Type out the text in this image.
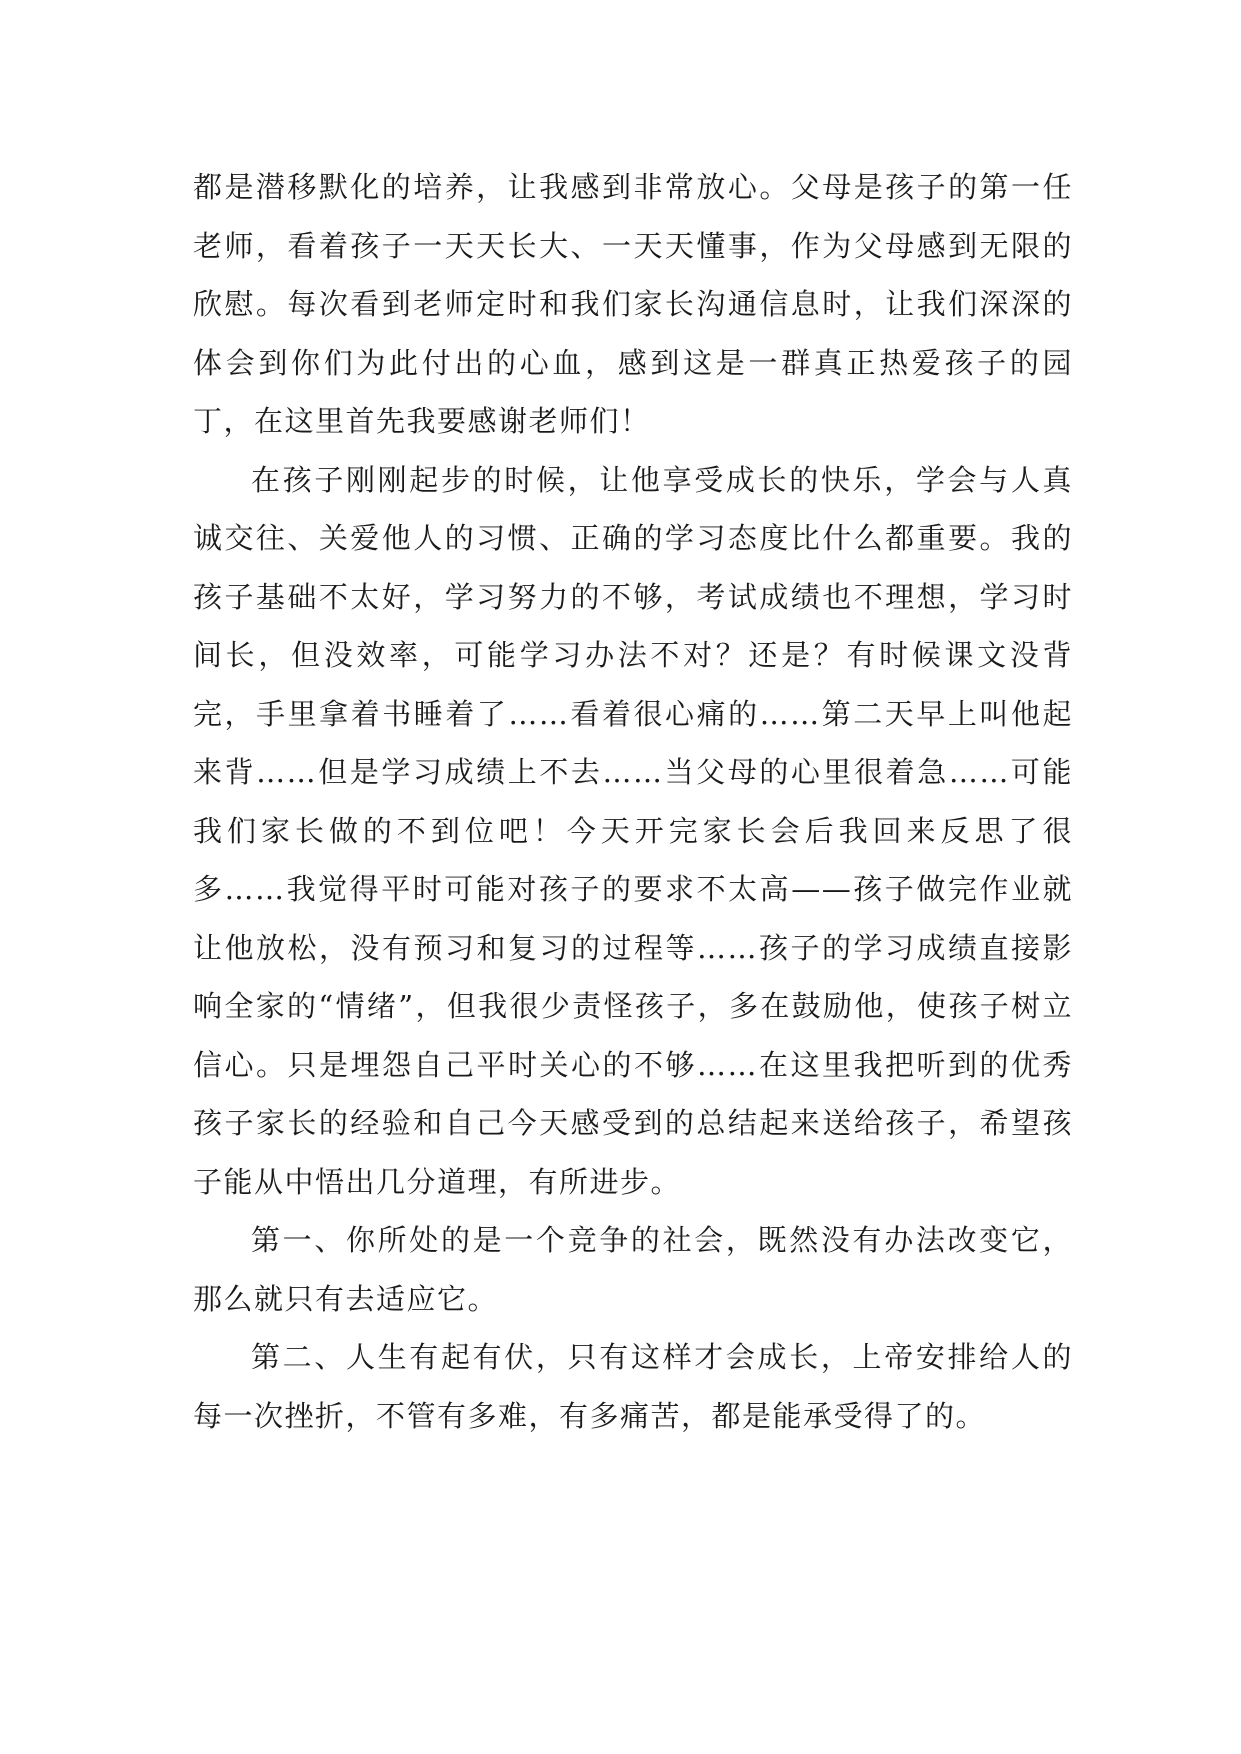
都是潜移默化的培养，让我感到非常放心。父母是孩子的第一任老师，看着孩子一天天长大、一天天懂事，作为父母感到无限的欣慰。每次看到老师定时和我们家长沟通信息时，让我们深深的体会到你们为此付出的心血，感到这是一群真正热爱孩子的园丁，在这里首先我要感谢老师们！

在孩子刚刚起步的时候，让他享受成长的快乐，学会与人真诚交往、关爱他人的习惯、正确的学习态度比什么都重要。我的孩子基础不太好，学习努力的不够，考试成绩也不理想，学习时间长，但没效率，可能学习办法不对？还是？有时候课文没背完，手里拿着书睡着了……看着很心痛的……第二天早上叫他起来背……但是学习成绩上不去……当父母的心里很着急……可能我们家长做的不到位吧！今天开完家长会后我回来反思了很多……我觉得平时可能对孩子的要求不太高——孩子做完作业就让他放松，没有预习和复习的过程等……孩子的学习成绩直接影响全家的“情绪”，但我很少责怪孩子，多在鼓励他，使孩子树立信心。只是埋怨自己平时关心的不够……在这里我把听到的优秀孩子家长的经验和自己今天感受到的总结起来送给孩子，希望孩子能从中悟出几分道理，有所进步。

第一、你所处的是一个竞争的社会，既然没有办法改变它，那么就只有去适应它。

第二、人生有起有伏，只有这样才会成长，上帝安排给人的每一次挫折，不管有多难，有多痛苦，都是能承受得了的。
